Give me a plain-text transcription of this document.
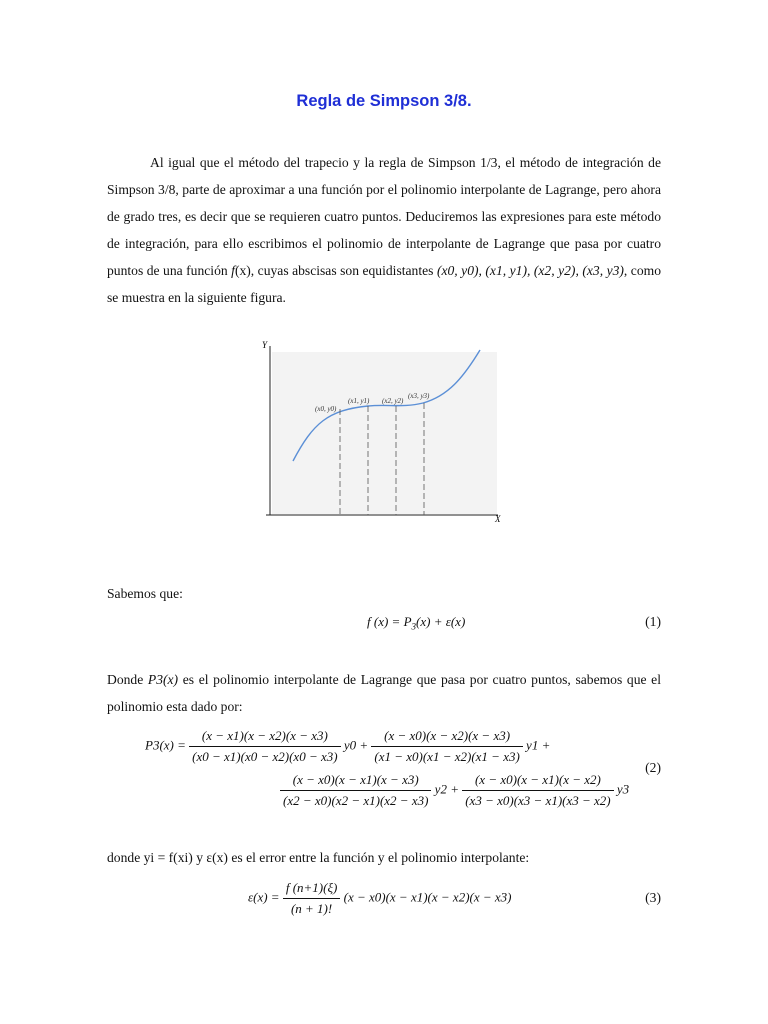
Regla de Simpson 3/8.
Al igual que el método del trapecio y la regla de Simpson 1/3, el método de integración de Simpson 3/8, parte de aproximar a una función por el polinomio interpolante de Lagrange, pero ahora de grado tres, es decir que se requieren cuatro puntos. Deduciremos las expresiones para este método de integración, para ello escribimos el polinomio de interpolante de Lagrange que pasa por cuatro puntos de una función f(x), cuyas abscisas son equidistantes (x0, y0), (x1, y1), (x2, y2), (x3, y3), como se muestra en la siguiente figura.
Y
X
(x0, y0)
(x1, y1) (x2, y2)
(x3, y3)
Sabemos que:
f $(x) = P_3(x) + \varepsilon(x)$	(1)
Donde P3(x) es el polinomio interpolante de Lagrange que pasa por cuatro puntos, sabemos que el polinomio esta dado por:
$P3(x) = \frac{(x - x1)(x - x2)(x - x3)}{(x0 - x1)(x0 - x2)(x0 - x3)} y0 + \frac{(x - x0)(x - x2)(x - x3)}{(x1 - x0)(x1 - x2)(x1 - x3)} y1$ +
$\frac{(x - x0)(x - x1)(x - x3)}{(x2 - x0)(x2 - x1)(x2 - x3)} y2 + \frac{(x - x0)(x - x1)(x - x2)}{(x3 - x0)(x3 - x1)(x3 - x2)} y3$
(2)
donde yi = f(xi) y ε(x) es el error entre la función y el polinomio interpolante:
$\varepsilon(x) = \frac{f (n+1)(\xi)}{(n + 1)!} (x - x0)(x - x1)(x - x2)(x - x3)$	(3)
